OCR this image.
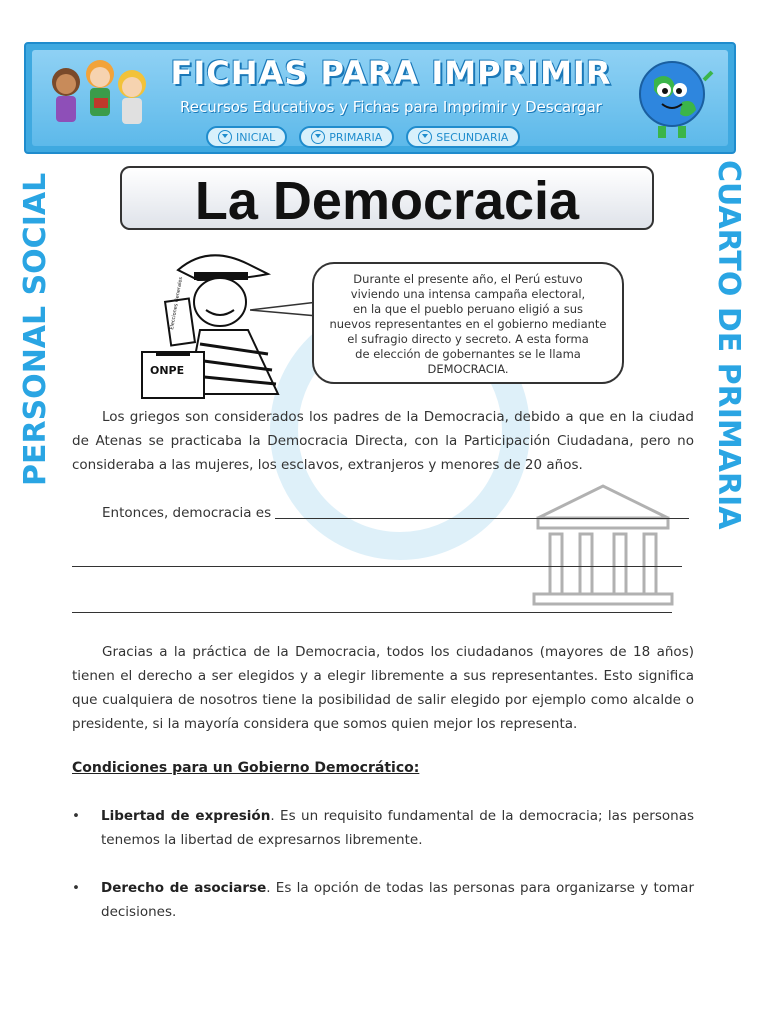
FICHAS PARA IMPRIMIR
Recursos Educativos y Fichas para Imprimir y Descargar
INICIAL	PRIMARIA	SECUNDARIA
PERSONAL SOCIAL	CUARTO DE PRIMARIA
La Democracia
Elecciones Generales
ONPE
Durante el presente año, el Perú estuvo
viviendo una intensa campaña electoral,
en la que el pueblo peruano eligió a sus
nuevos representantes en el gobierno mediante
el sufragio directo y secreto. A esta forma
de elección de gobernantes se le llama
DEMOCRACIA.

Los griegos son considerados los padres de la Democracia, debido a que en la ciudad de Atenas se practicaba la Democracia Directa, con la Participación Ciudadana, pero no consideraba a las mujeres, los esclavos, extranjeros y menores de 20 años.

Entonces, democracia es

Gracias a la práctica de la Democracia, todos los ciudadanos (mayores de 18 años) tienen el derecho a ser elegidos y a elegir libremente a sus representantes. Esto significa que cualquiera de nosotros tiene la posibilidad de salir elegido por ejemplo como alcalde o presidente, si la mayoría considera que somos quien mejor los representa.

Condiciones para un Gobierno Democrático:
• Libertad de expresión. Es un requisito fundamental de la democracia; las personas tenemos la libertad de expresarnos libremente.
• Derecho de asociarse. Es la opción de todas las personas para organizarse y tomar decisiones.
